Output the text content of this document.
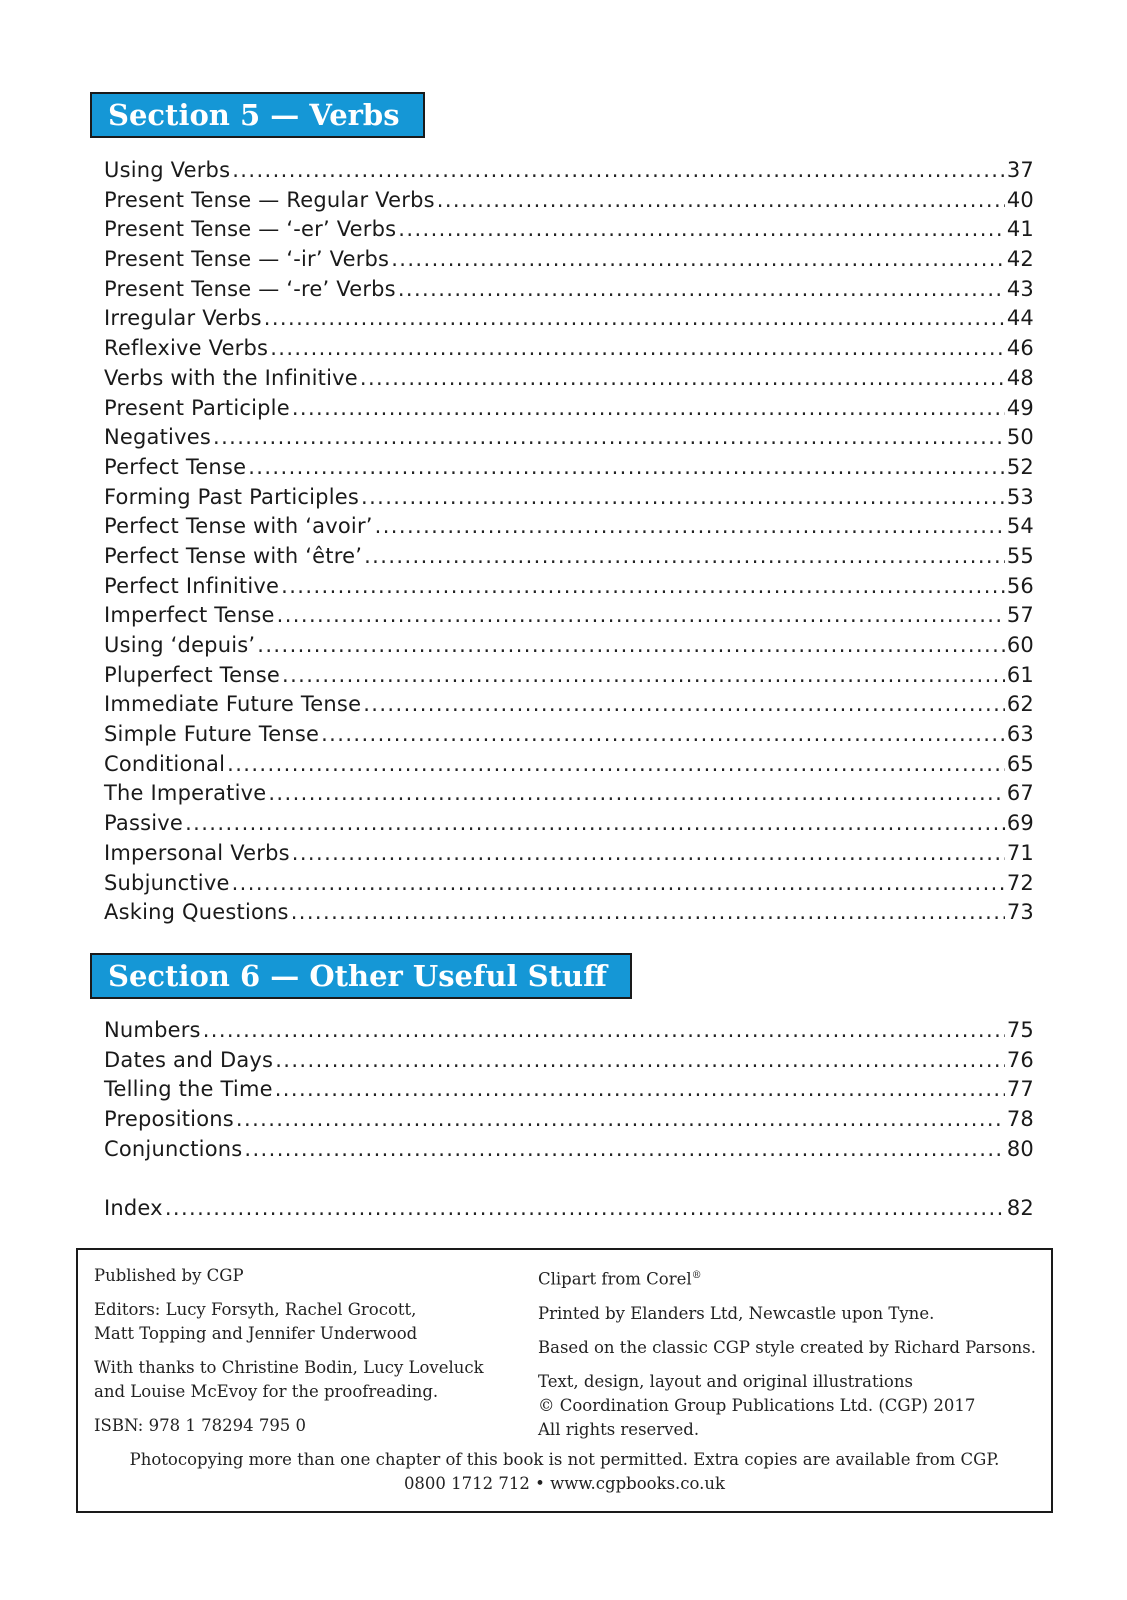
Section 5 — Verbs
Using Verbs .....	37
Present Tense — Regular Verbs .....	40
Present Tense — ‘-er’ Verbs .....	41
Present Tense — ‘-ir’ Verbs .....	42
Present Tense — ‘-re’ Verbs .....	43
Irregular Verbs .....	44
Reflexive Verbs .....	46
Verbs with the Infinitive .....	48
Present Participle .....	49
Negatives .....	50
Perfect Tense .....	52
Forming Past Participles .....	53
Perfect Tense with ‘avoir’ .....	54
Perfect Tense with ‘être’ .....	55
Perfect Infinitive .....	56
Imperfect Tense .....	57
Using ‘depuis’ .....	60
Pluperfect Tense .....	61
Immediate Future Tense .....	62
Simple Future Tense .....	63
Conditional .....	65
The Imperative .....	67
Passive .....	69
Impersonal Verbs .....	71
Subjunctive .....	72
Asking Questions .....	73
Section 6 — Other Useful Stuff
Numbers .....	75
Dates and Days .....	76
Telling the Time .....	77
Prepositions .....	78
Conjunctions .....	80
Index .....	82

Published by CGP

Editors: Lucy Forsyth, Rachel Grocott,
Matt Topping and Jennifer Underwood

With thanks to Christine Bodin, Lucy Loveluck
and Louise McEvoy for the proofreading.

ISBN: 978 1 78294 795 0

Clipart from Corel®

Printed by Elanders Ltd, Newcastle upon Tyne.

Based on the classic CGP style created by Richard Parsons.

Text, design, layout and original illustrations
© Coordination Group Publications Ltd. (CGP) 2017
All rights reserved.

Photocopying more than one chapter of this book is not permitted. Extra copies are available from CGP.
0800 1712 712 • www.cgpbooks.co.uk
